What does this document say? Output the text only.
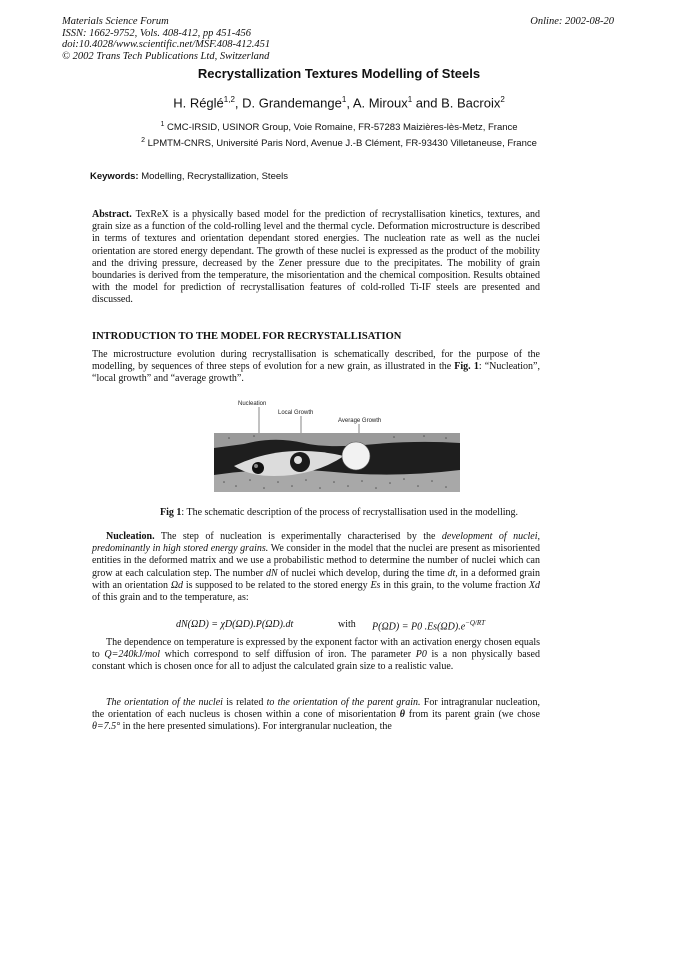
Materials Science Forum
ISSN: 1662-9752, Vols. 408-412, pp 451-456
doi:10.4028/www.scientific.net/MSF.408-412.451
© 2002 Trans Tech Publications Ltd, Switzerland
Online: 2002-08-20
Recrystallization Textures Modelling of Steels
H. Réglé$^{1,2}$, D. Grandemange$^1$, A. Miroux$^1$ and B. Bacroix$^2$
$^1$ CMC-IRSID, USINOR Group, Voie Romaine, FR-57283 Maizières-lès-Metz, France
$^2$ LPMTM-CNRS, Université Paris Nord, Avenue J.-B Clément, FR-93430 Villetaneuse, France
Keywords: Modelling, Recrystallization, Steels
Abstract. TexReX is a physically based model for the prediction of recrystallisation kinetics, textures, and grain size as a function of the cold-rolling level and the thermal cycle. Deformation microstructure is described in terms of textures and orientation dependant stored energies. The nucleation rate as well as the nuclei orientation are stored energy dependant. The growth of these nuclei is expressed as the product of the mobility and the driving pressure, decreased by the Zener pressure due to the precipitates. The mobility of grain boundaries is derived from the temperature, the misorientation and the chemical composition. Results obtained with the model for prediction of recrystallisation features of cold-rolled Ti-IF steels are presented and discussed.
INTRODUCTION TO THE MODEL FOR RECRYSTALLISATION
The microstructure evolution during recrystallisation is schematically described, for the purpose of the modelling, by sequences of three steps of evolution for a new grain, as illustrated in the Fig. 1: “Nucleation”, “local growth” and “average growth”.
Nucleation
Local Growth
Average Growth
Fig 1: The schematic description of the process of recrystallisation used in the modelling.
Nucleation. The step of nucleation is experimentally characterised by the development of nuclei, predominantly in high stored energy grains. We consider in the model that the nuclei are present as misoriented entities in the deformed matrix and we use a probabilistic method to determine the number of nuclei which can grow at each calculation step. The number dN of nuclei which develop, during the time dt, in a deformed grain with an orientation Ωd is supposed to be related to the stored energy Es in this grain, to the volume fraction Xd of this grain and to the temperature, as:
dN(ΩD) = χD(ΩD).P(ΩD).dt	with P(ΩD) = P0 $.Es(\Omega D).e^{-Q/RT}$
The dependence on temperature is expressed by the exponent factor with an activation energy chosen equals to Q=240kJ/mol which correspond to self diffusion of iron. The parameter P0 is a non physically based constant which is chosen once for all to adjust the calculated grain size to a realistic value.
The orientation of the nuclei is related to the orientation of the parent grain. For intragranular nucleation, the orientation of each nucleus is chosen within a cone of misorientation θ from its parent grain (we chose θ=7.5° in the here presented simulations). For intergranular nucleation, the
